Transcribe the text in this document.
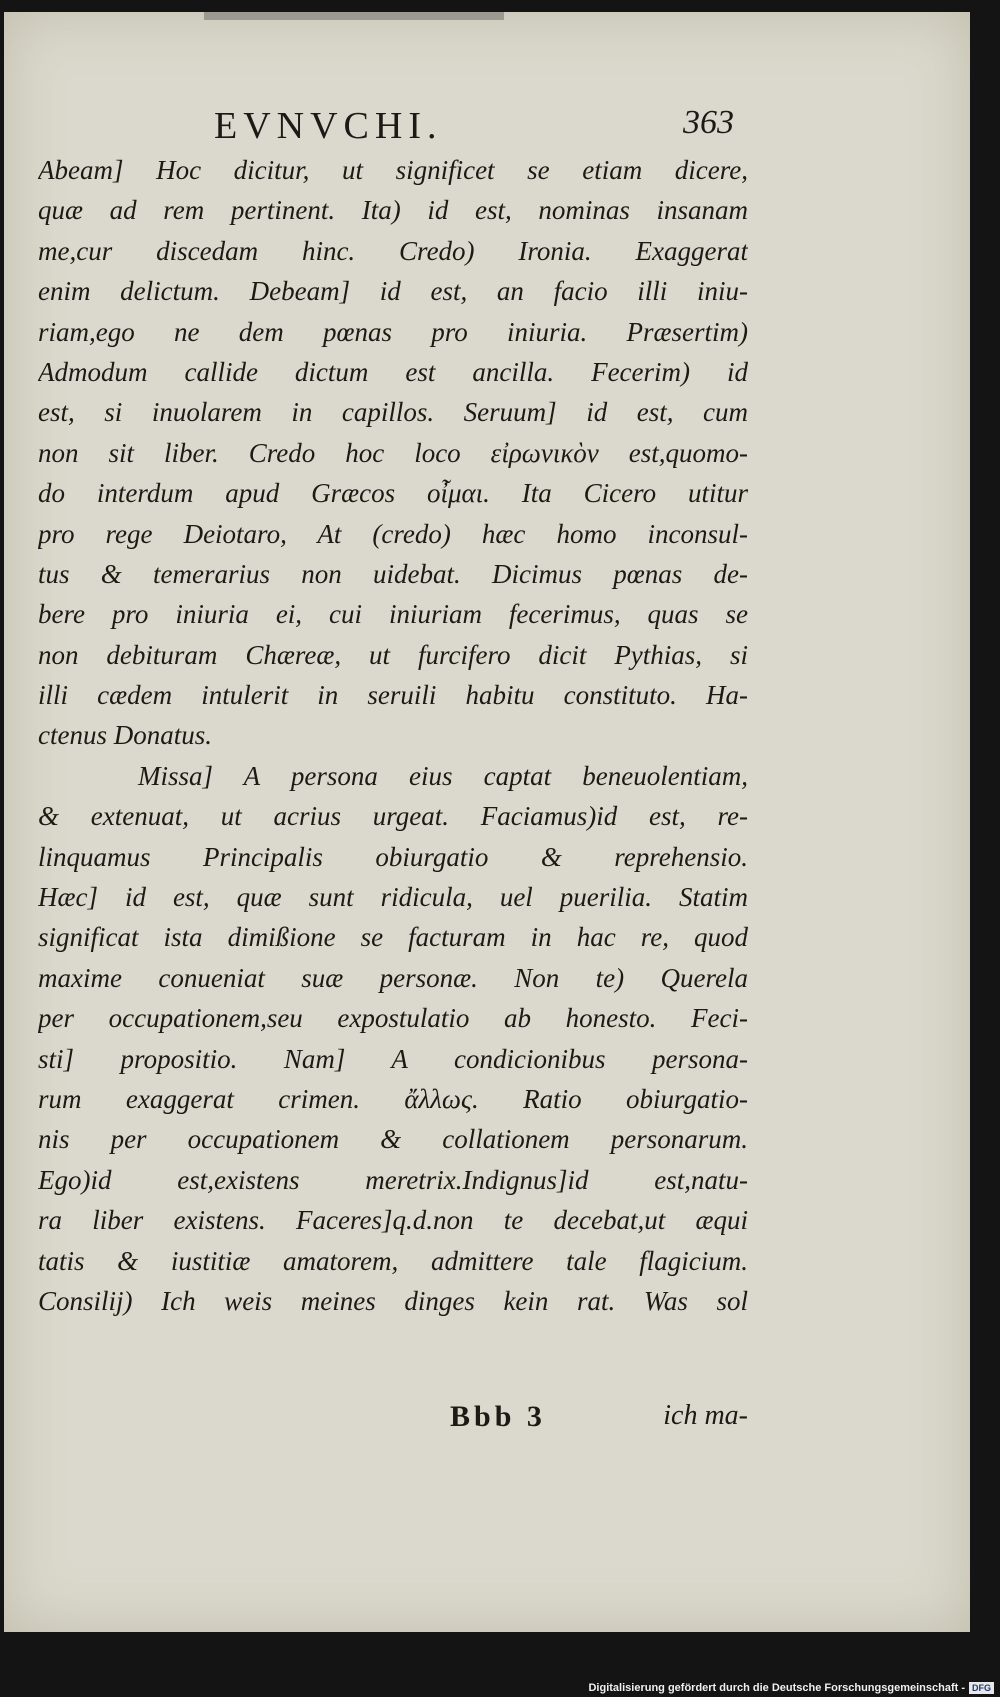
EVNVCHI.	363
Abeam] Hoc dicitur, ut significet se etiam dicere,
quæ ad rem pertinent. Ita) id est, nominas insanam
me,cur discedam hinc. Credo) Ironia. Exaggerat
enim delictum. Debeam] id est, an facio illi iniu-
riam,ego ne dem pœnas pro iniuria. Præsertim)
Admodum callide dictum est ancilla. Fecerim) id
est, si inuolarem in capillos. Seruum] id est, cum
non sit liber. Credo hoc loco εἰρωνικὸν est,quomo-
do interdum apud Græcos οἶμαι. Ita Cicero utitur
pro rege Deiotaro, At (credo) hæc homo inconsul-
tus & temerarius non uidebat. Dicimus pœnas de-
bere pro iniuria ei, cui iniuriam fecerimus, quas se
non debituram Chæreæ, ut furcifero dicit Pythias, si
illi cædem intulerit in seruili habitu constituto. Ha-
ctenus Donatus.
Missa] A persona eius captat beneuolentiam,
& extenuat, ut acrius urgeat. Faciamus)id est, re-
linquamus Principalis obiurgatio & reprehensio.
Hæc] id est, quæ sunt ridicula, uel puerilia. Statim
significat ista dimißione se facturam in hac re, quod
maxime conueniat suæ personæ. Non te) Querela
per occupationem,seu expostulatio ab honesto. Feci-
sti] propositio. Nam] A condicionibus persona-
rum exaggerat crimen. ἄλλως. Ratio obiurgatio-
nis per occupationem & collationem personarum.
Ego)id est,existens meretrix.Indignus]id est,natu-
ra liber existens. Faceres]q.d.non te decebat,ut æqui
tatis & iustitiæ amatorem, admittere tale flagicium.
Consilij) Ich weis meines dinges kein rat. Was sol
Bbb 3	ich ma-
Digitalisierung gefördert durch die Deutsche Forschungsgemeinschaft - DFG
